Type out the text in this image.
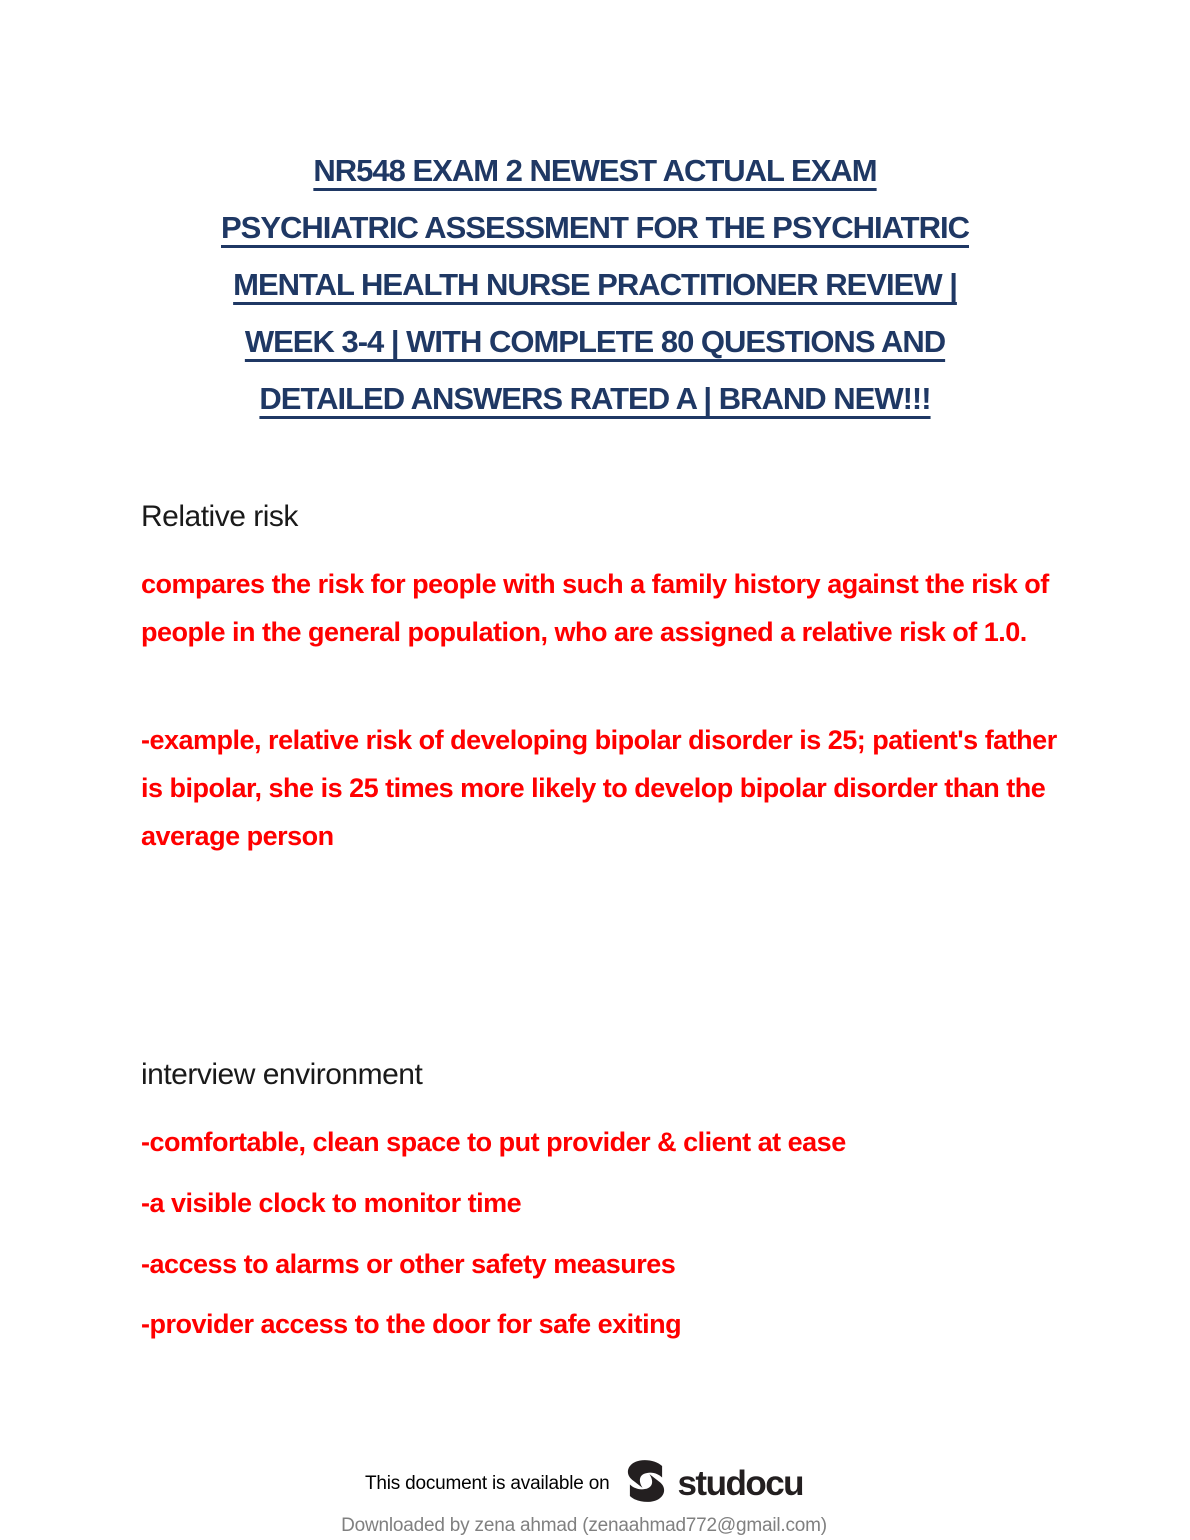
NR548 EXAM 2 NEWEST ACTUAL EXAM
PSYCHIATRIC ASSESSMENT FOR THE PSYCHIATRIC
MENTAL HEALTH NURSE PRACTITIONER REVIEW |
WEEK 3-4 | WITH COMPLETE 80 QUESTIONS AND
DETAILED ANSWERS RATED A | BRAND NEW!!!
Relative risk
compares the risk for people with such a family history against the risk of people in the general population, who are assigned a relative risk of 1.0.
-example, relative risk of developing bipolar disorder is 25; patient's father is bipolar, she is 25 times more likely to develop bipolar disorder than the average person
interview environment
-comfortable, clean space to put provider & client at ease
-a visible clock to monitor time
-access to alarms or other safety measures
-provider access to the door for safe exiting
This document is available on studocu
Downloaded by zena ahmad (zenaahmad772@gmail.com)
